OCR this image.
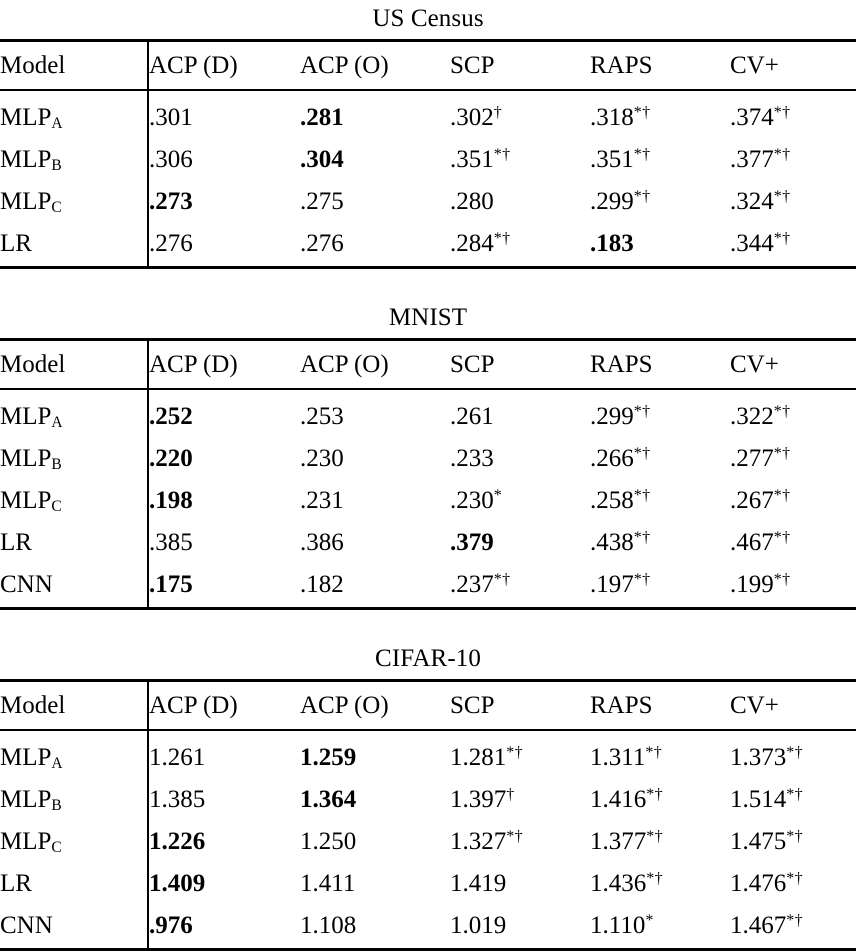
US Census
Model	ACP (D)	ACP (O)	SCP	RAPS	CV+

$MLP_A$	.301	.281	.302†	.318*†	.374*†
$MLP_B$	.306	.304	.351*†	.351*†	.377*†
$MLP_C$	.273	.275	.280	.299*†	.324*†
LR	.276	.276	.284*†	.183	.344*†
MNIST
Model	ACP (D)	ACP (O)	SCP	RAPS	CV+

$MLP_A$	.252	.253	.261	.299*†	.322*†
$MLP_B$	.220	.230	.233	.266*†	.277*†
$MLP_C$	.198	.231	.230*	.258*†	.267*†
LR	.385	.386	.379	.438*†	.467*†
CNN	.175	.182	.237*†	.197*†	.199*†
CIFAR-10
Model	ACP (D)	ACP (O)	SCP	RAPS	CV+

$MLP_A$	1.261	1.259	1.281*†	1.311*†	1.373*†
$MLP_B$	1.385	1.364	1.397†	1.416*†	1.514*†
$MLP_C$	1.226	1.250	1.327*†	1.377*†	1.475*†
LR	1.409	1.411	1.419	1.436*†	1.476*†
CNN	.976	1.108	1.019	1.110*	1.467*†
